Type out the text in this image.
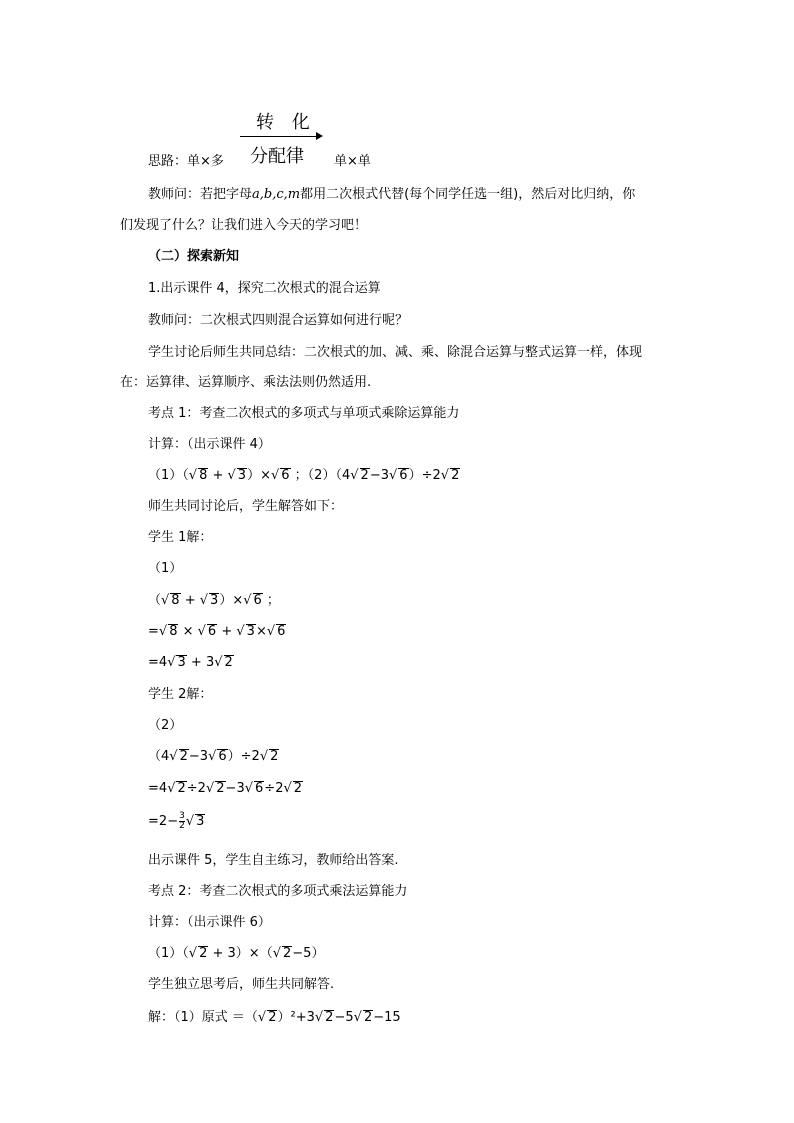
转 化
分配律
思路：单×多	单×单
教师问：若把字母a,b,c,m都用二次根式代替(每个同学任选一组)，然后对比归纳，你
们发现了什么？让我们进入今天的学习吧！
（二）探索新知
1.出示课件 4，探究二次根式的混合运算
教师问：二次根式四则混合运算如何进行呢？
学生讨论后师生共同总结：二次根式的加、减、乘、除混合运算与整式运算一样，体现
在：运算律、运算顺序、乘法法则仍然适用.
考点 1：考查二次根式的多项式与单项式乘除运算能力
计算：（出示课件 4）
（1）（√ 8 + √ 3）×√ 6 ；（2）（4√ 2−3√ 6）÷2√ 2
师生共同讨论后，学生解答如下：
学生 1解：
（1）
（√ 8 + √ 3）×√ 6 ；
=√ 8 × √ 6 + √ 3×√ 6
=4√ 3 + 3√ 2
学生 2解：
（2）
（4√ 2−3√ 6）÷2√ 2
=4√ 2÷2√ 2−3√ 6÷2√ 2
$=2- \frac{3}{2}$ √ 3
出示课件 5，学生自主练习，教师给出答案.
考点 2：考查二次根式的多项式乘法运算能力
计算：（出示课件 6）
（1）（√ 2 + 3）×（√ 2−5）
学生独立思考后，师生共同解答.
解：（1）原式 ＝（√ 2）²+3√ 2−5√ 2−15
